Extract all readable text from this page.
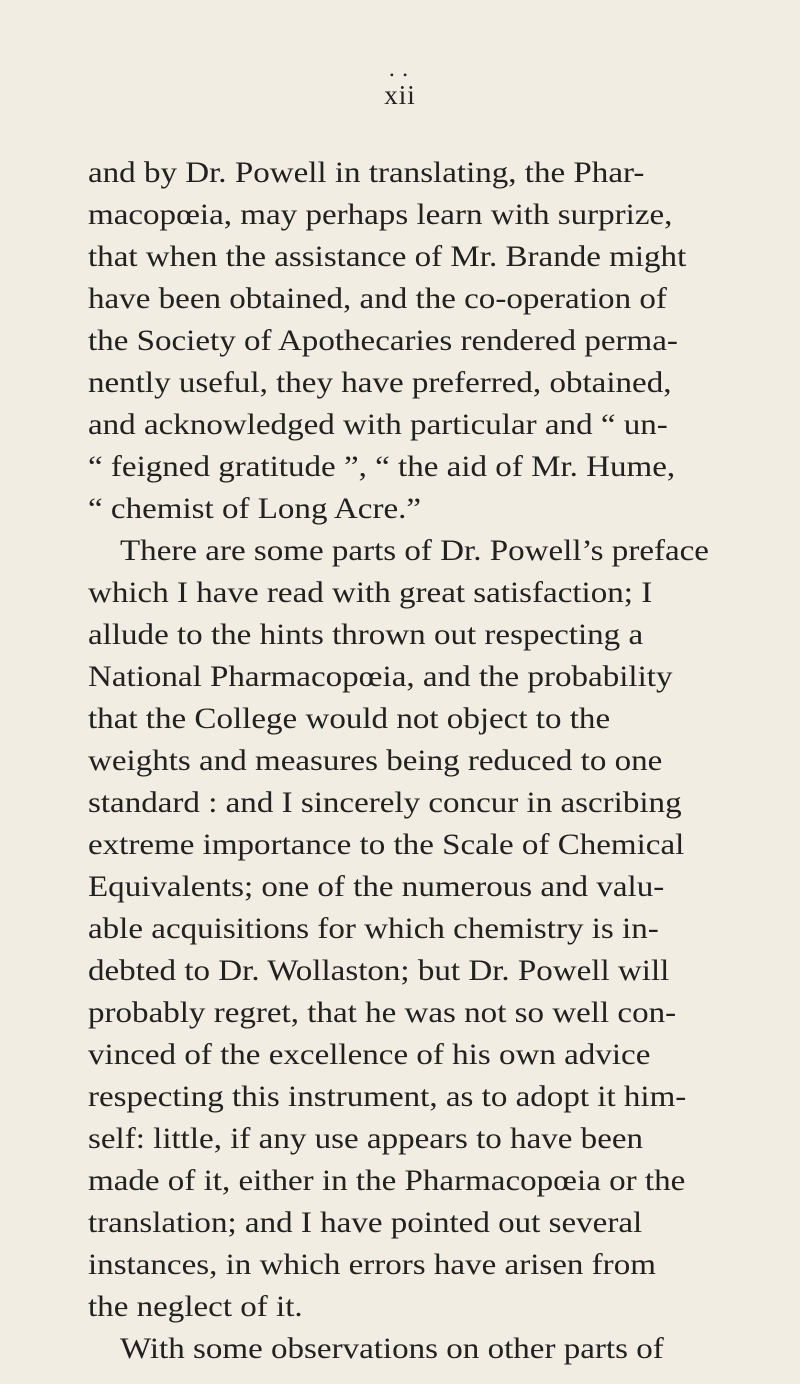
• •
xii
and by Dr. Powell in translating, the Phar-
macopœia, may perhaps learn with surprize,
that when the assistance of Mr. Brande might
have been obtained, and the co-operation of
the Society of Apothecaries rendered perma-
nently useful, they have preferred, obtained,
and acknowledged with particular and “ un-
“ feigned gratitude ”, “ the aid of Mr. Hume,
“ chemist of Long Acre.”
There are some parts of Dr. Powell’s preface
which I have read with great satisfaction; I
allude to the hints thrown out respecting a
National Pharmacopœia, and the probability
that the College would not object to the
weights and measures being reduced to one
standard : and I sincerely concur in ascribing
extreme importance to the Scale of Chemical
Equivalents; one of the numerous and valu-
able acquisitions for which chemistry is in-
debted to Dr. Wollaston; but Dr. Powell will
probably regret, that he was not so well con-
vinced of the excellence of his own advice
respecting this instrument, as to adopt it him-
self: little, if any use appears to have been
made of it, either in the Pharmacopœia or the
translation; and I have pointed out several
instances, in which errors have arisen from
the neglect of it.
With some observations on other parts of
